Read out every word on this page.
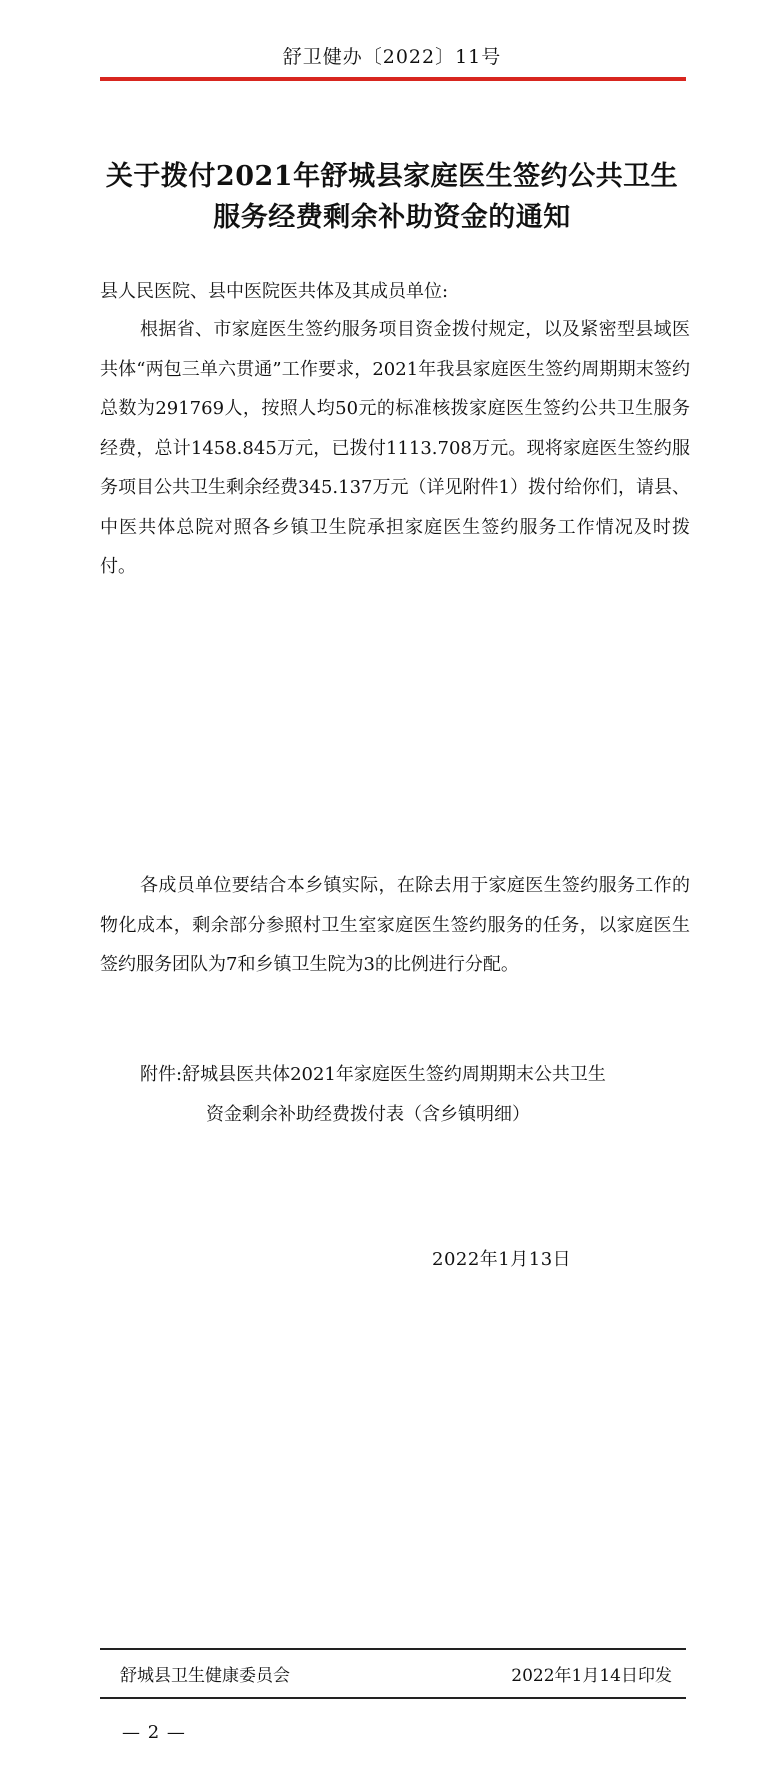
舒卫健办〔2022〕11号
关于拨付2021年舒城县家庭医生签约公共卫生
服务经费剩余补助资金的通知
县人民医院、县中医院医共体及其成员单位:
根据省、市家庭医生签约服务项目资金拨付规定，以及紧密型县域医共体“两包三单六贯通”工作要求，2021年我县家庭医生签约周期期末签约总数为291769人，按照人均50元的标准核拨家庭医生签约公共卫生服务经费，总计1458.845万元，已拨付1113.708万元。现将家庭医生签约服务项目公共卫生剩余经费345.137万元（详见附件1）拨付给你们，请县、中医共体总院对照各乡镇卫生院承担家庭医生签约服务工作情况及时拨付。
各成员单位要结合本乡镇实际，在除去用于家庭医生签约服务工作的物化成本，剩余部分参照村卫生室家庭医生签约服务的任务，以家庭医生签约服务团队为7和乡镇卫生院为3的比例进行分配。
附件:舒城县医共体2021年家庭医生签约周期期末公共卫生
资金剩余补助经费拨付表（含乡镇明细）
2022年1月13日
舒城县卫生健康委员会	2022年1月14日印发
— 2 —
